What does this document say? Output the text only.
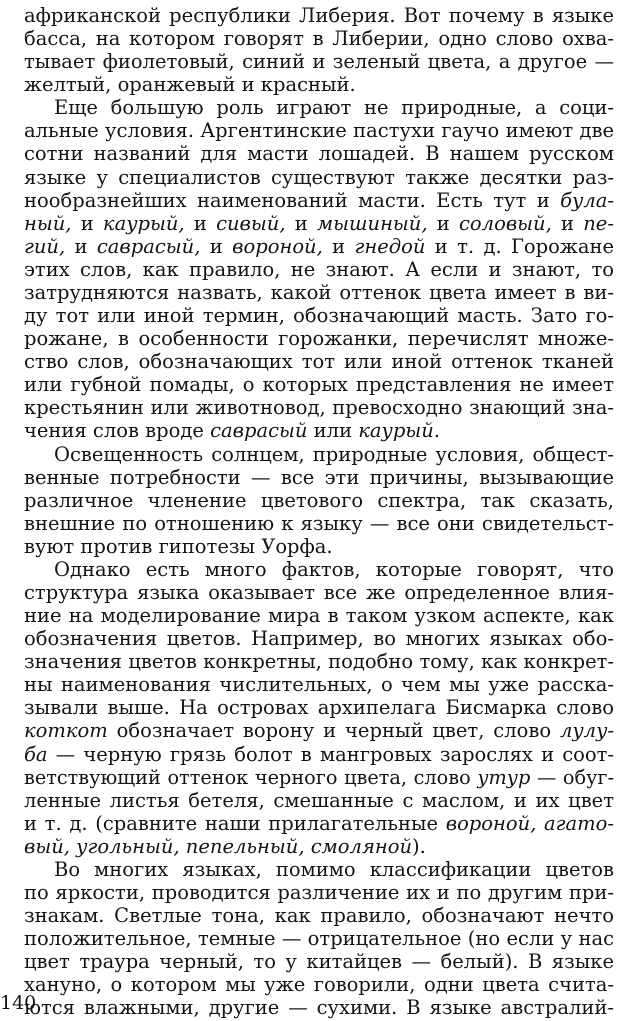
африканской республики Либерия. Вот почему в языке
басса, на котором говорят в Либерии, одно слово охва-
тывает фиолетовый, синий и зеленый цвета, а другое —
желтый, оранжевый и красный.
Еще большую роль играют не природные, а соци-
альные условия. Аргентинские пастухи гаучо имеют две
сотни названий для масти лошадей. В нашем русском
языке у специалистов существуют также десятки раз-
нообразнейших наименований масти. Есть тут и була-
ный, и каурый, и сивый, и мышиный, и соловый, и пе-
гий, и саврасый, и вороной, и гнедой и т. д. Горожане
этих слов, как правило, не знают. А если и знают, то
затрудняются назвать, какой оттенок цвета имеет в ви-
ду тот или иной термин, обозначающий масть. Зато го-
рожане, в особенности горожанки, перечислят множе-
ство слов, обозначающих тот или иной оттенок тканей
или губной помады, о которых представления не имеет
крестьянин или животновод, превосходно знающий зна-
чения слов вроде саврасый или каурый.
Освещенность солнцем, природные условия, общест-
венные потребности — все эти причины, вызывающие
различное членение цветового спектра, так сказать,
внешние по отношению к языку — все они свидетельст-
вуют против гипотезы Уорфа.
Однако есть много фактов, которые говорят, что
структура языка оказывает все же определенное влия-
ние на моделирование мира в таком узком аспекте, как
обозначения цветов. Например, во многих языках обо-
значения цветов конкретны, подобно тому, как конкрет-
ны наименования числительных, о чем мы уже расска-
зывали выше. На островах архипелага Бисмарка слово
коткот обозначает ворону и черный цвет, слово лулу-
ба — черную грязь болот в мангровых зарослях и соот-
ветствующий оттенок черного цвета, слово утур — обуг-
ленные листья бетеля, смешанные с маслом, и их цвет
и т. д. (сравните наши прилагательные вороной, агато-
вый, угольный, пепельный, смоляной).
Во многих языках, помимо классификации цветов
по яркости, проводится различение их и по другим при-
знакам. Светлые тона, как правило, обозначают нечто
положительное, темные — отрицательное (но если у нас
цвет траура черный, то у китайцев — белый). В языке
хануно, о котором мы уже говорили, одни цвета счита-
ются влажными, другие — сухими. В языке австралий-
140
